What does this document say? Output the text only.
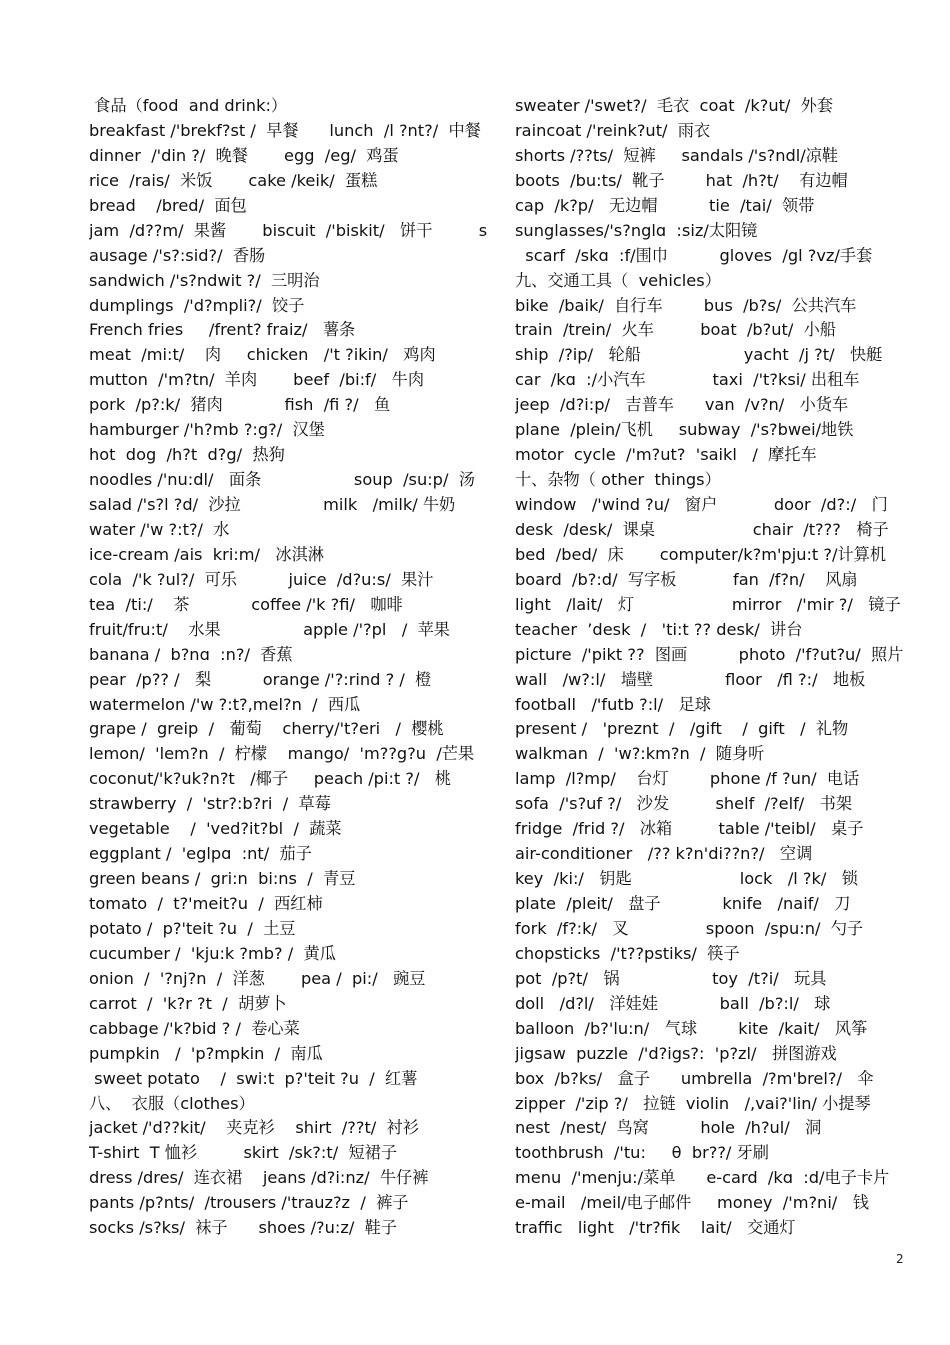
食品（food  and drink:）
breakfast /'brekf?st /  早餐      lunch  /l ?nt?/  中餐
dinner  /'din ?/  晚餐       egg  /eg/  鸡蛋
rice  /rais/  米饭       cake /keik/  蛋糕
bread    /bred/  面包
jam  /d??m/  果酱       biscuit  /'biskit/   饼干         s
ausage /'s?:sid?/  香肠
sandwich /'s?ndwit ?/  三明治
dumplings  /'d?mpli?/  饺子
French fries     /frent? fraiz/   薯条
meat  /mi:t/    肉     chicken   /'t ?ikin/   鸡肉
mutton  /'m?tn/  羊肉       beef  /bi:f/   牛肉
pork  /p?:k/  猪肉            fish  /fi ?/   鱼
hamburger /'h?mb ?:g?/  汉堡
hot  dog  /h?t  d?g/  热狗
noodles /'nu:dl/   面条                  soup  /su:p/  汤
salad /'s?l ?d/  沙拉                milk   /milk/ 牛奶
water /'w ?:t?/  水
ice-cream /ais  kri:m/   冰淇淋
cola  /'k ?ul?/  可乐          juice  /d?u:s/  果汁
tea  /ti:/    茶            coffee /'k ?fi/   咖啡
fruit/fru:t/    水果                apple /'?pl   /  苹果
banana /  b?nɑ  :n?/  香蕉
pear  /p?? /   梨          orange /'?:rind ? /  橙
watermelon /'w ?:t?,mel?n  /  西瓜
grape /  greip  /   葡萄    cherry/'t?eri   /  樱桃
lemon/  'lem?n  /  柠檬    mango/  'm??g?u  /芒果
coconut/'k?uk?n?t   /椰子     peach /pi:t ?/   桃
strawberry  /  'str?:b?ri  /  草莓
vegetable    /  'ved?it?bl  /  蔬菜
eggplant /  'eglpɑ  :nt/  茄子
green beans /  gri:n  bi:ns  /  青豆
tomato  /  t?'meit?u  /  西红柿
potato /  p?'teit ?u  /  土豆
cucumber /  'kju:k ?mb? /  黄瓜
onion  /  '?nj?n  /  洋葱       pea /  pi:/   豌豆
carrot  /  'k?r ?t  /  胡萝卜
cabbage /'k?bid ? /  卷心菜
pumpkin   /  'p?mpkin  /  南瓜
sweet potato    /  swi:t  p?'teit ?u  /  红薯
八、  衣服（clothes）
jacket /'d??kit/    夹克衫    shirt  /??t/  衬衫
T-shirt  T 恤衫         skirt  /sk?:t/  短裙子
dress /dres/  连衣裙    jeans /d?i:nz/  牛仔裤
pants /p?nts/  /trousers /'trauz?z  /  裤子
socks /s?ks/  袜子      shoes /?u:z/  鞋子
sweater /'swet?/  毛衣  coat  /k?ut/  外套
raincoat /'reink?ut/  雨衣
shorts /??ts/  短裤     sandals /'s?ndl/凉鞋
boots  /bu:ts/  靴子        hat  /h?t/    有边帽
cap  /k?p/   无边帽          tie  /tai/  领带
sunglasses/'s?nglɑ  :siz/太阳镜
scarf  /skɑ  :f/围巾          gloves  /gl ?vz/手套
九、交通工具（  vehicles）
bike  /baik/  自行车        bus  /b?s/  公共汽车
train  /trein/  火车         boat  /b?ut/  小船
ship  /?ip/   轮船                    yacht  /j ?t/   快艇
car  /kɑ  :/小汽车             taxi  /'t?ksi/ 出租车
jeep  /d?i:p/   吉普车      van  /v?n/   小货车
plane  /plein/飞机     subway  /'s?bwei/地铁
motor  cycle  /'m?ut?  'saikl   /  摩托车
十、杂物（ other  things）
window   /'wind ?u/   窗户           door  /d?:/   门
desk  /desk/  课桌                   chair  /t???   椅子
bed  /bed/  床       computer/k?m'pju:t ?/计算机
board  /b?:d/  写字板           fan  /f?n/    风扇
light   /lait/   灯                   mirror   /'mir ?/   镜子
teacher  ’desk  /   'ti:t ?? desk/  讲台
picture  /'pikt ??  图画          photo  /'f?ut?u/  照片
wall   /w?:l/   墙壁              floor   /fl ?:/   地板
football   /'futb ?:l/   足球
present /   'preznt  /   /gift    /  gift   /  礼物
walkman  /  'w?:km?n  /  随身听
lamp  /l?mp/    台灯        phone /f ?un/  电话
sofa  /'s?uf ?/   沙发         shelf  /?elf/   书架
fridge  /frid ?/   冰箱         table /'teibl/   桌子
air-conditioner   /?? k?n'di??n?/   空调
key  /ki:/   钥匙                     lock   /l ?k/   锁
plate  /pleit/   盘子            knife   /naif/   刀
fork  /f?:k/   叉               spoon  /spu:n/  勺子
chopsticks  /'t??pstiks/  筷子
pot  /p?t/   锅                  toy  /t?i/   玩具
doll   /d?l/   洋娃娃            ball  /b?:l/   球
balloon  /b?'lu:n/   气球        kite  /kait/   风筝
jigsaw  puzzle  /'d?igs?:  'p?zl/   拼图游戏
box  /b?ks/   盒子      umbrella  /?m'brel?/   伞
zipper  /'zip ?/   拉链  violin   /,vai?'lin/ 小提琴
nest  /nest/  鸟窝          hole  /h?ul/   洞
toothbrush  /'tu:     θ  br??/ 牙刷
menu  /'menju:/菜单      e-card  /kɑ  :d/电子卡片
e-mail   /meil/电子邮件     money  /'m?ni/   钱
traffic   light   /'tr?fik    lait/   交通灯
2
